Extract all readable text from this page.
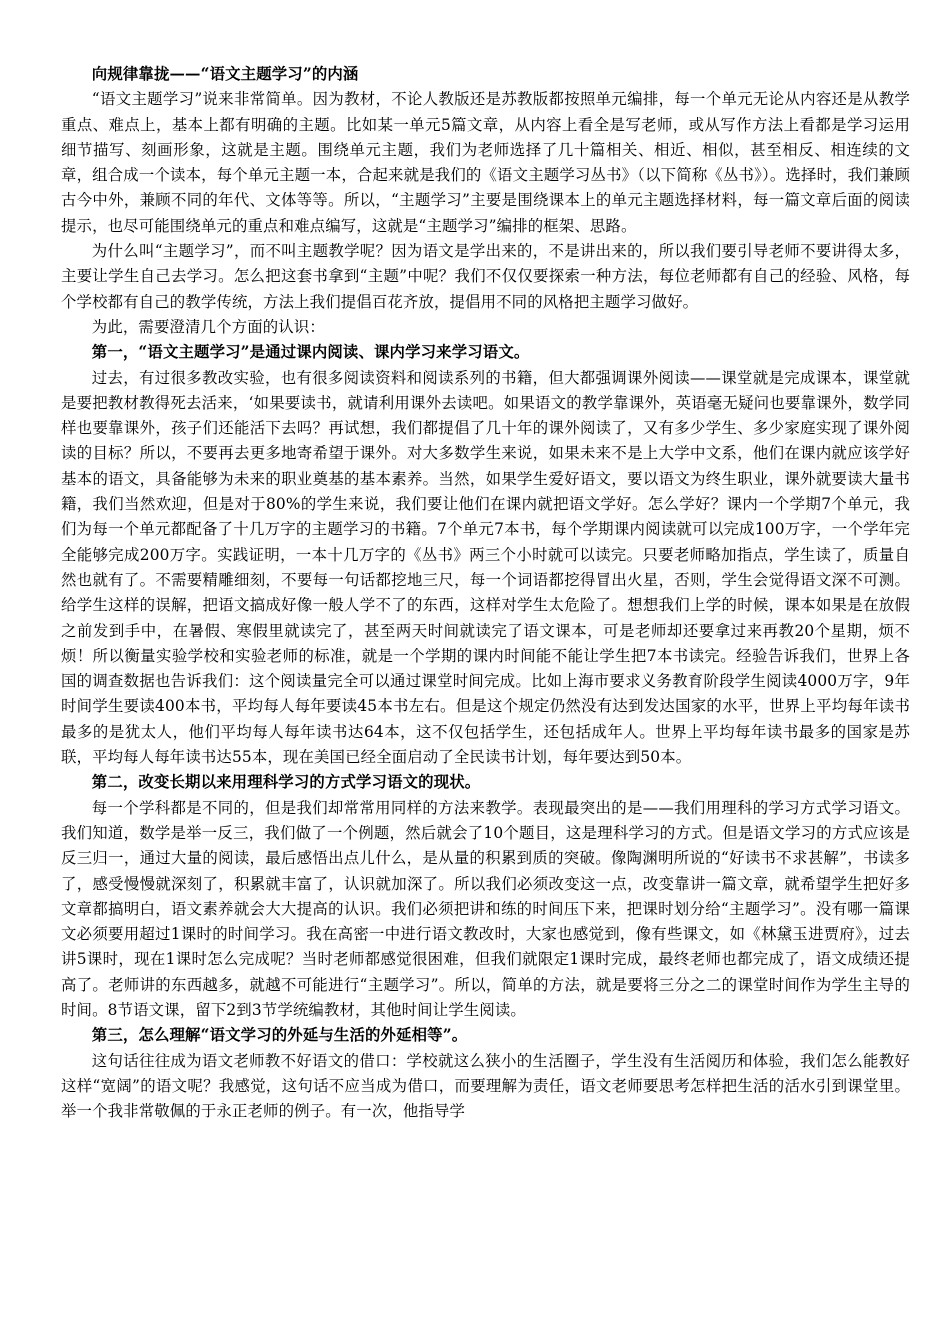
向规律靠拢——“语文主题学习”的内涵

“语文主题学习”说来非常简单。因为教材，不论人教版还是苏教版都按照单元编排，每一个单元无论从内容还是从教学重点、难点上，基本上都有明确的主题。比如某一单元5篇文章，从内容上看全是写老师，或从写作方法上看都是学习运用细节描写、刻画形象，这就是主题。围绕单元主题，我们为老师选择了几十篇相关、相近、相似，甚至相反、相连续的文章，组合成一个读本，每个单元主题一本，合起来就是我们的《语文主题学习丛书》（以下简称《丛书》）。选择时，我们兼顾古今中外，兼顾不同的年代、文体等等。所以，“主题学习”主要是围绕课本上的单元主题选择材料，每一篇文章后面的阅读提示，也尽可能围绕单元的重点和难点编写，这就是“主题学习”编排的框架、思路。

为什么叫“主题学习”，而不叫主题教学呢？因为语文是学出来的，不是讲出来的，所以我们要引导老师不要讲得太多，主要让学生自己去学习。怎么把这套书拿到“主题”中呢？我们不仅仅要探索一种方法，每位老师都有自己的经验、风格，每个学校都有自己的教学传统，方法上我们提倡百花齐放，提倡用不同的风格把主题学习做好。

为此，需要澄清几个方面的认识：

第一，“语文主题学习”是通过课内阅读、课内学习来学习语文。

过去，有过很多教改实验，也有很多阅读资料和阅读系列的书籍，但大都强调课外阅读——课堂就是完成课本，课堂就是要把教材教得死去活来，‘如果要读书，就请利用课外去读吧。如果语文的教学靠课外，英语毫无疑问也要靠课外，数学同样也要靠课外，孩子们还能活下去吗？再试想，我们都提倡了几十年的课外阅读了，又有多少学生、多少家庭实现了课外阅读的目标？所以，不要再去更多地寄希望于课外。对大多数学生来说，如果未来不是上大学中文系，他们在课内就应该学好基本的语文，具备能够为未来的职业奠基的基本素养。当然，如果学生爱好语文，要以语文为终生职业，课外就要读大量书籍，我们当然欢迎，但是对于80%的学生来说，我们要让他们在课内就把语文学好。怎么学好？课内一个学期7个单元，我们为每一个单元都配备了十几万字的主题学习的书籍。7个单元7本书，每个学期课内阅读就可以完成100万字，一个学年完全能够完成200万字。实践证明，一本十几万字的《丛书》两三个小时就可以读完。只要老师略加指点，学生读了，质量自然也就有了。不需要精雕细刻，不要每一句话都挖地三尺，每一个词语都挖得冒出火星，否则，学生会觉得语文深不可测。给学生这样的误解，把语文搞成好像一般人学不了的东西，这样对学生太危险了。想想我们上学的时候，课本如果是在放假之前发到手中，在暑假、寒假里就读完了，甚至两天时间就读完了语文课本，可是老师却还要拿过来再教20个星期，烦不烦！所以衡量实验学校和实验老师的标准，就是一个学期的课内时间能不能让学生把7本书读完。经验告诉我们，世界上各国的调查数据也告诉我们：这个阅读量完全可以通过课堂时间完成。比如上海市要求义务教育阶段学生阅读4000万字，9年时间学生要读400本书，平均每人每年要读45本书左右。但是这个规定仍然没有达到发达国家的水平，世界上平均每年读书最多的是犹太人，他们平均每人每年读书达64本，这不仅包括学生，还包括成年人。世界上平均每年读书最多的国家是苏联，平均每人每年读书达55本，现在美国已经全面启动了全民读书计划，每年要达到50本。

第二，改变长期以来用理科学习的方式学习语文的现状。

每一个学科都是不同的，但是我们却常常用同样的方法来教学。表现最突出的是——我们用理科的学习方式学习语文。我们知道，数学是举一反三，我们做了一个例题，然后就会了10个题目，这是理科学习的方式。但是语文学习的方式应该是反三归一，通过大量的阅读，最后感悟出点儿什么，是从量的积累到质的突破。像陶渊明所说的“好读书不求甚解”，书读多了，感受慢慢就深刻了，积累就丰富了，认识就加深了。所以我们必须改变这一点，改变靠讲一篇文章，就希望学生把好多文章都搞明白，语文素养就会大大提高的认识。我们必须把讲和练的时间压下来，把课时划分给“主题学习”。没有哪一篇课文必须要用超过1课时的时间学习。我在高密一中进行语文教改时，大家也感觉到，像有些课文，如《林黛玉进贾府》，过去讲5课时，现在1课时怎么完成呢？当时老师都感觉很困难，但我们就限定1课时完成，最终老师也都完成了，语文成绩还提高了。老师讲的东西越多，就越不可能进行“主题学习”。所以，简单的方法，就是要将三分之二的课堂时间作为学生主导的时间。8节语文课，留下2到3节学统编教材，其他时间让学生阅读。

第三，怎么理解“语文学习的外延与生活的外延相等”。

这句话往往成为语文老师教不好语文的借口：学校就这么狭小的生活圈子，学生没有生活阅历和体验，我们怎么能教好这样“宽阔”的语文呢？我感觉，这句话不应当成为借口，而要理解为责任，语文老师要思考怎样把生活的活水引到课堂里。举一个我非常敬佩的于永正老师的例子。有一次，他指导学
